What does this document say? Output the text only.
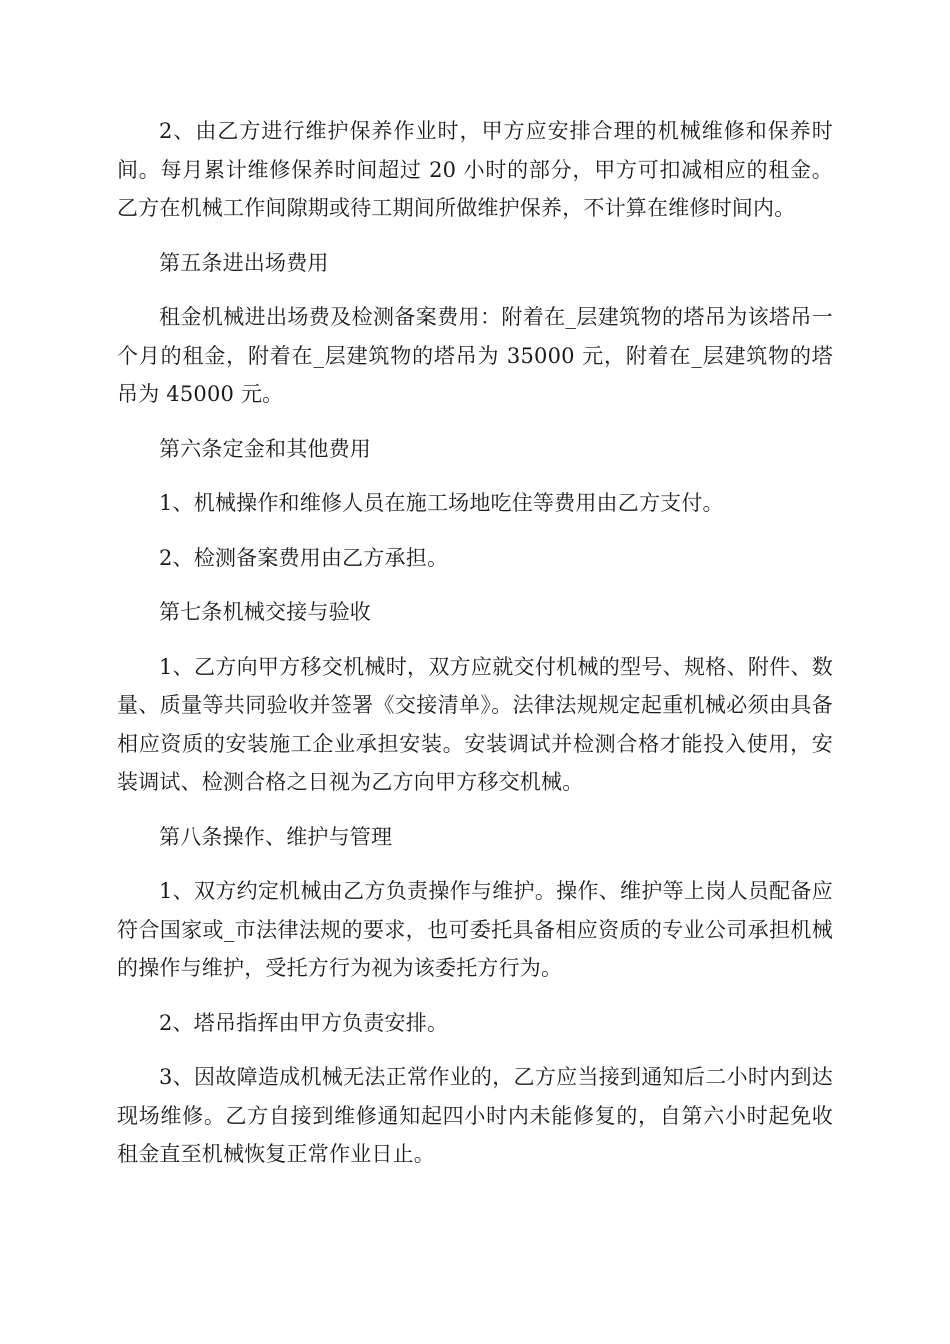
2、由乙方进行维护保养作业时，甲方应安排合理的机械维修和保养时间。每月累计维修保养时间超过 20 小时的部分，甲方可扣减相应的租金。乙方在机械工作间隙期或待工期间所做维护保养，不计算在维修时间内。

第五条进出场费用

租金机械进出场费及检测备案费用：附着在_层建筑物的塔吊为该塔吊一个月的租金，附着在_层建筑物的塔吊为 35000 元，附着在_层建筑物的塔吊为 45000 元。

第六条定金和其他费用

1、机械操作和维修人员在施工场地吃住等费用由乙方支付。

2、检测备案费用由乙方承担。

第七条机械交接与验收

1、乙方向甲方移交机械时，双方应就交付机械的型号、规格、附件、数量、质量等共同验收并签署《交接清单》。法律法规规定起重机械必须由具备相应资质的安装施工企业承担安装。安装调试并检测合格才能投入使用，安装调试、检测合格之日视为乙方向甲方移交机械。

第八条操作、维护与管理

1、双方约定机械由乙方负责操作与维护。操作、维护等上岗人员配备应符合国家或_市法律法规的要求，也可委托具备相应资质的专业公司承担机械的操作与维护，受托方行为视为该委托方行为。

2、塔吊指挥由甲方负责安排。

3、因故障造成机械无法正常作业的，乙方应当接到通知后二小时内到达现场维修。乙方自接到维修通知起四小时内未能修复的，自第六小时起免收租金直至机械恢复正常作业日止。
